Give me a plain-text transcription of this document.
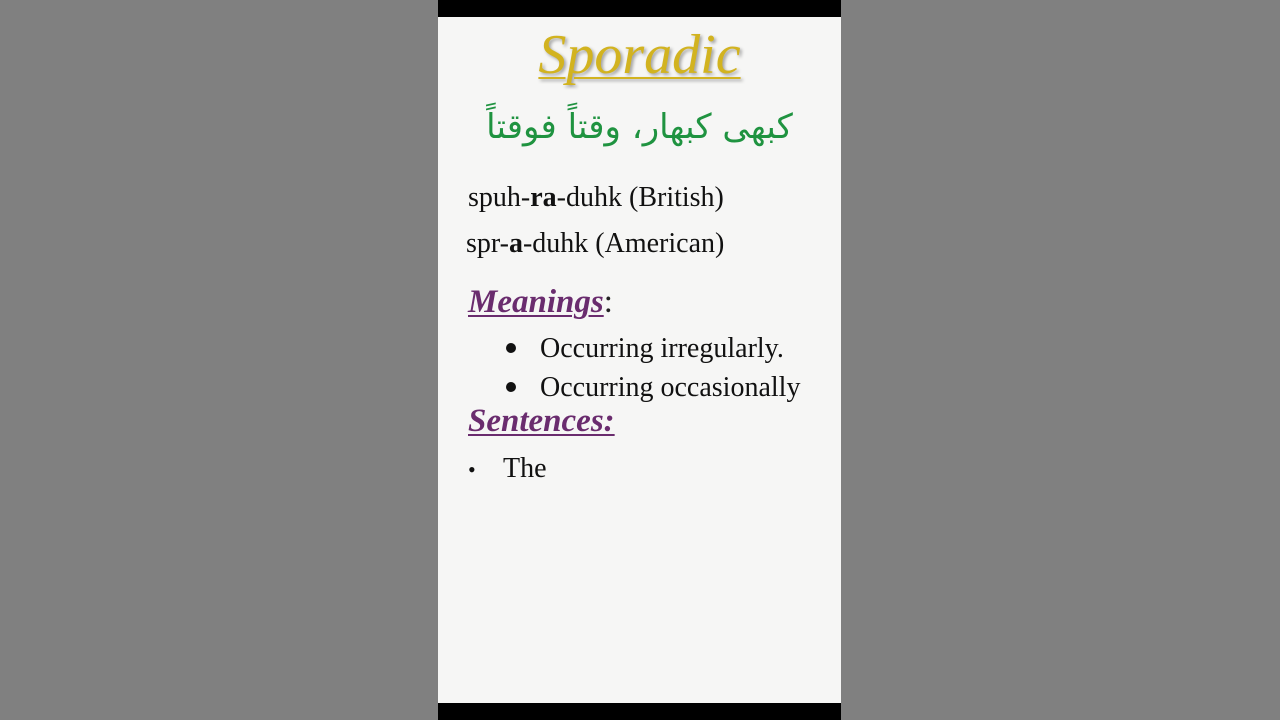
Sporadic
کبھی کبھار، وقتاً فوقتاً
spuh-ra-duhk (British)
spr-a-duhk (American)
Meanings:
Occurring irregularly.
Occurring occasionally
Sentences:
• The
